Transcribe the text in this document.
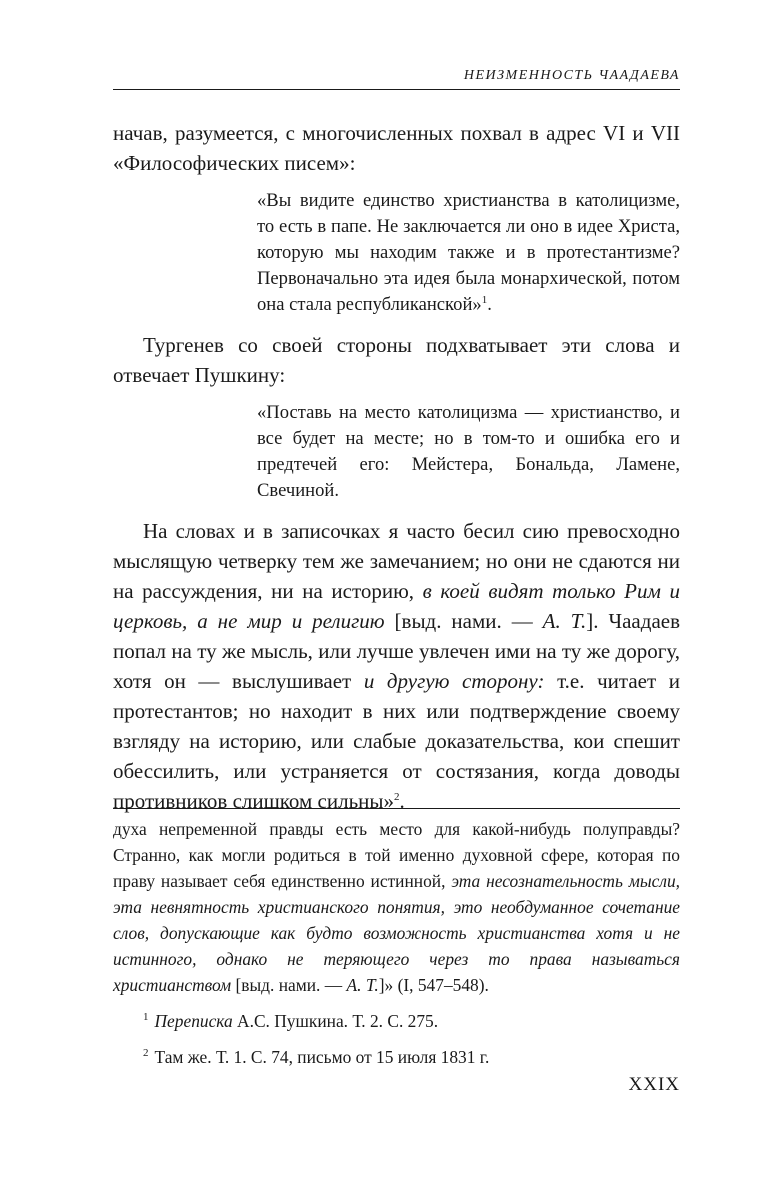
НЕИЗМЕННОСТЬ ЧААДАЕВА

начав, разумеется, с многочисленных похвал в адрес VI и VII «Философических писем»:

«Вы видите единство христианства в католицизме, то есть в папе. Не заключается ли оно в идее Христа, которую мы находим также и в протестантизме? Первоначально эта идея была монархической, потом она стала республиканской»$^1$.

Тургенев со своей стороны подхватывает эти слова и отвечает Пушкину:

«Поставь на место католицизма — христианство, и все будет на месте; но в том-то и ошибка его и предтечей его: Мейстера, Бональда, Ламене, Свечиной.

На словах и в записочках я часто бесил сию превосходно мыслящую четверку тем же замечанием; но они не сдаются ни на рассуждения, ни на историю, в коей видят только Рим и церковь, а не мир и религию [выд. нами. — А. Т.]. Чаадаев попал на ту же мысль, или лучше увлечен ими на ту же дорогу, хотя он — выслушивает и другую сторону: т.е. читает и протестантов; но находит в них или подтверждение своему взгляду на историю, или слабые доказательства, кои спешит обессилить, или устраняется от состязания, когда доводы противников слишком сильны»$^2$.

духа непременной правды есть место для какой-нибудь полуправды? Странно, как могли родиться в той именно духовной сфере, которая по праву называет себя единственно истинной, эта несознательность мысли, эта невнятность христианского понятия, это необдуманное сочетание слов, допускающие как будто возможность христианства хотя и не истинного, однако не теряющего через то права называться христианством [выд. нами. — А. Т.]» (I, 547–548).

$^1$ Переписка А.С. Пушкина. Т. 2. С. 275.

$^2$ Там же. Т. 1. С. 74, письмо от 15 июля 1831 г.

XXIX
